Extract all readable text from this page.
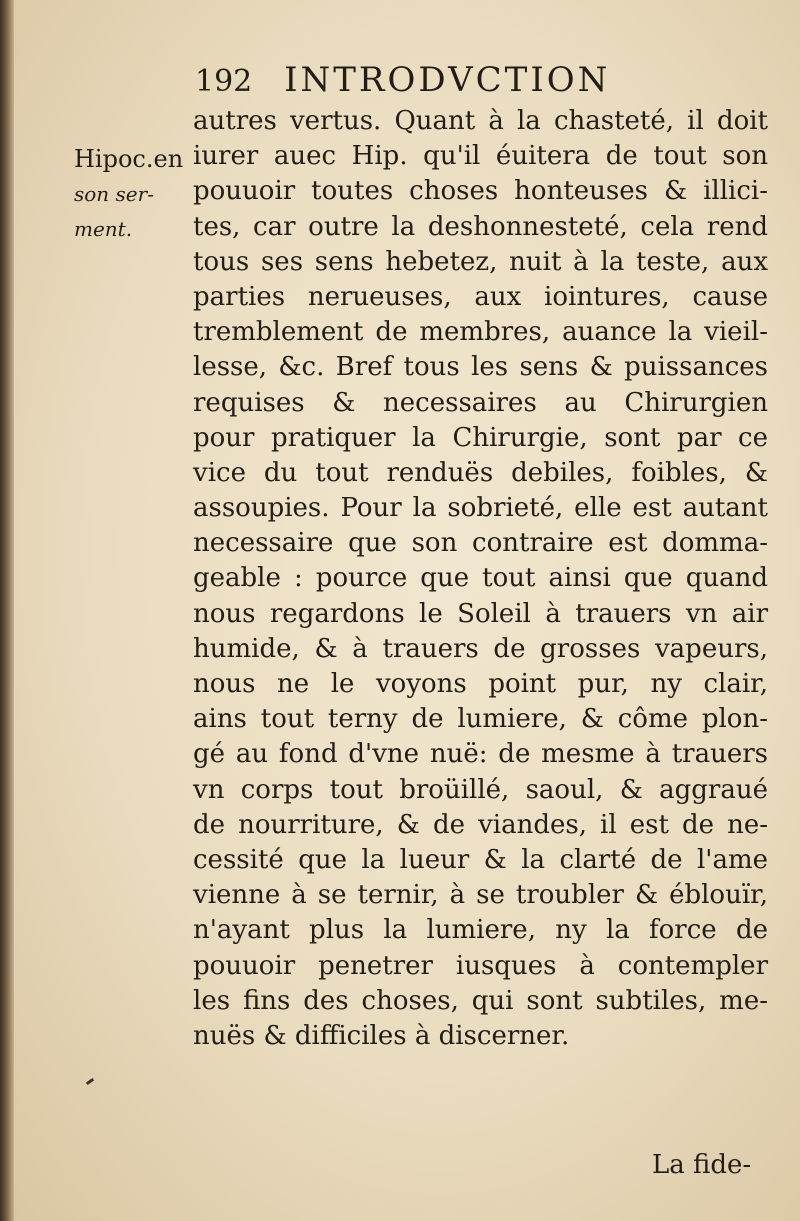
192 INTRODVCTION
Hipoc.en
son ser-
ment.
autres vertus. Quant à la chasteté, il doit
iurer auec Hip. qu'il éuitera de tout son
pouuoir toutes choses honteuses & illici-
tes, car outre la deshonnesteté, cela rend
tous ses sens hebetez, nuit à la teste, aux
parties nerueuses, aux iointures, cause
tremblement de membres, auance la vieil-
lesse, &c. Bref tous les sens & puissances
requises & necessaires au Chirurgien
pour pratiquer la Chirurgie, sont par ce
vice du tout renduës debiles, foibles, &
assoupies. Pour la sobrieté, elle est autant
necessaire que son contraire est domma-
geable : pource que tout ainsi que quand
nous regardons le Soleil à trauers vn air
humide, & à trauers de grosses vapeurs,
nous ne le voyons point pur, ny clair,
ains tout terny de lumiere, & côme plon-
gé au fond d'vne nuë: de mesme à trauers
vn corps tout broüillé, saoul, & aggraué
de nourriture, & de viandes, il est de ne-
cessité que la lueur & la clarté de l'ame
vienne à se ternir, à se troubler & éblouïr,
n'ayant plus la lumiere, ny la force de
pouuoir penetrer iusques à contempler
les fins des choses, qui sont subtiles, me-
nuës & difficiles à discerner.
La fide-
